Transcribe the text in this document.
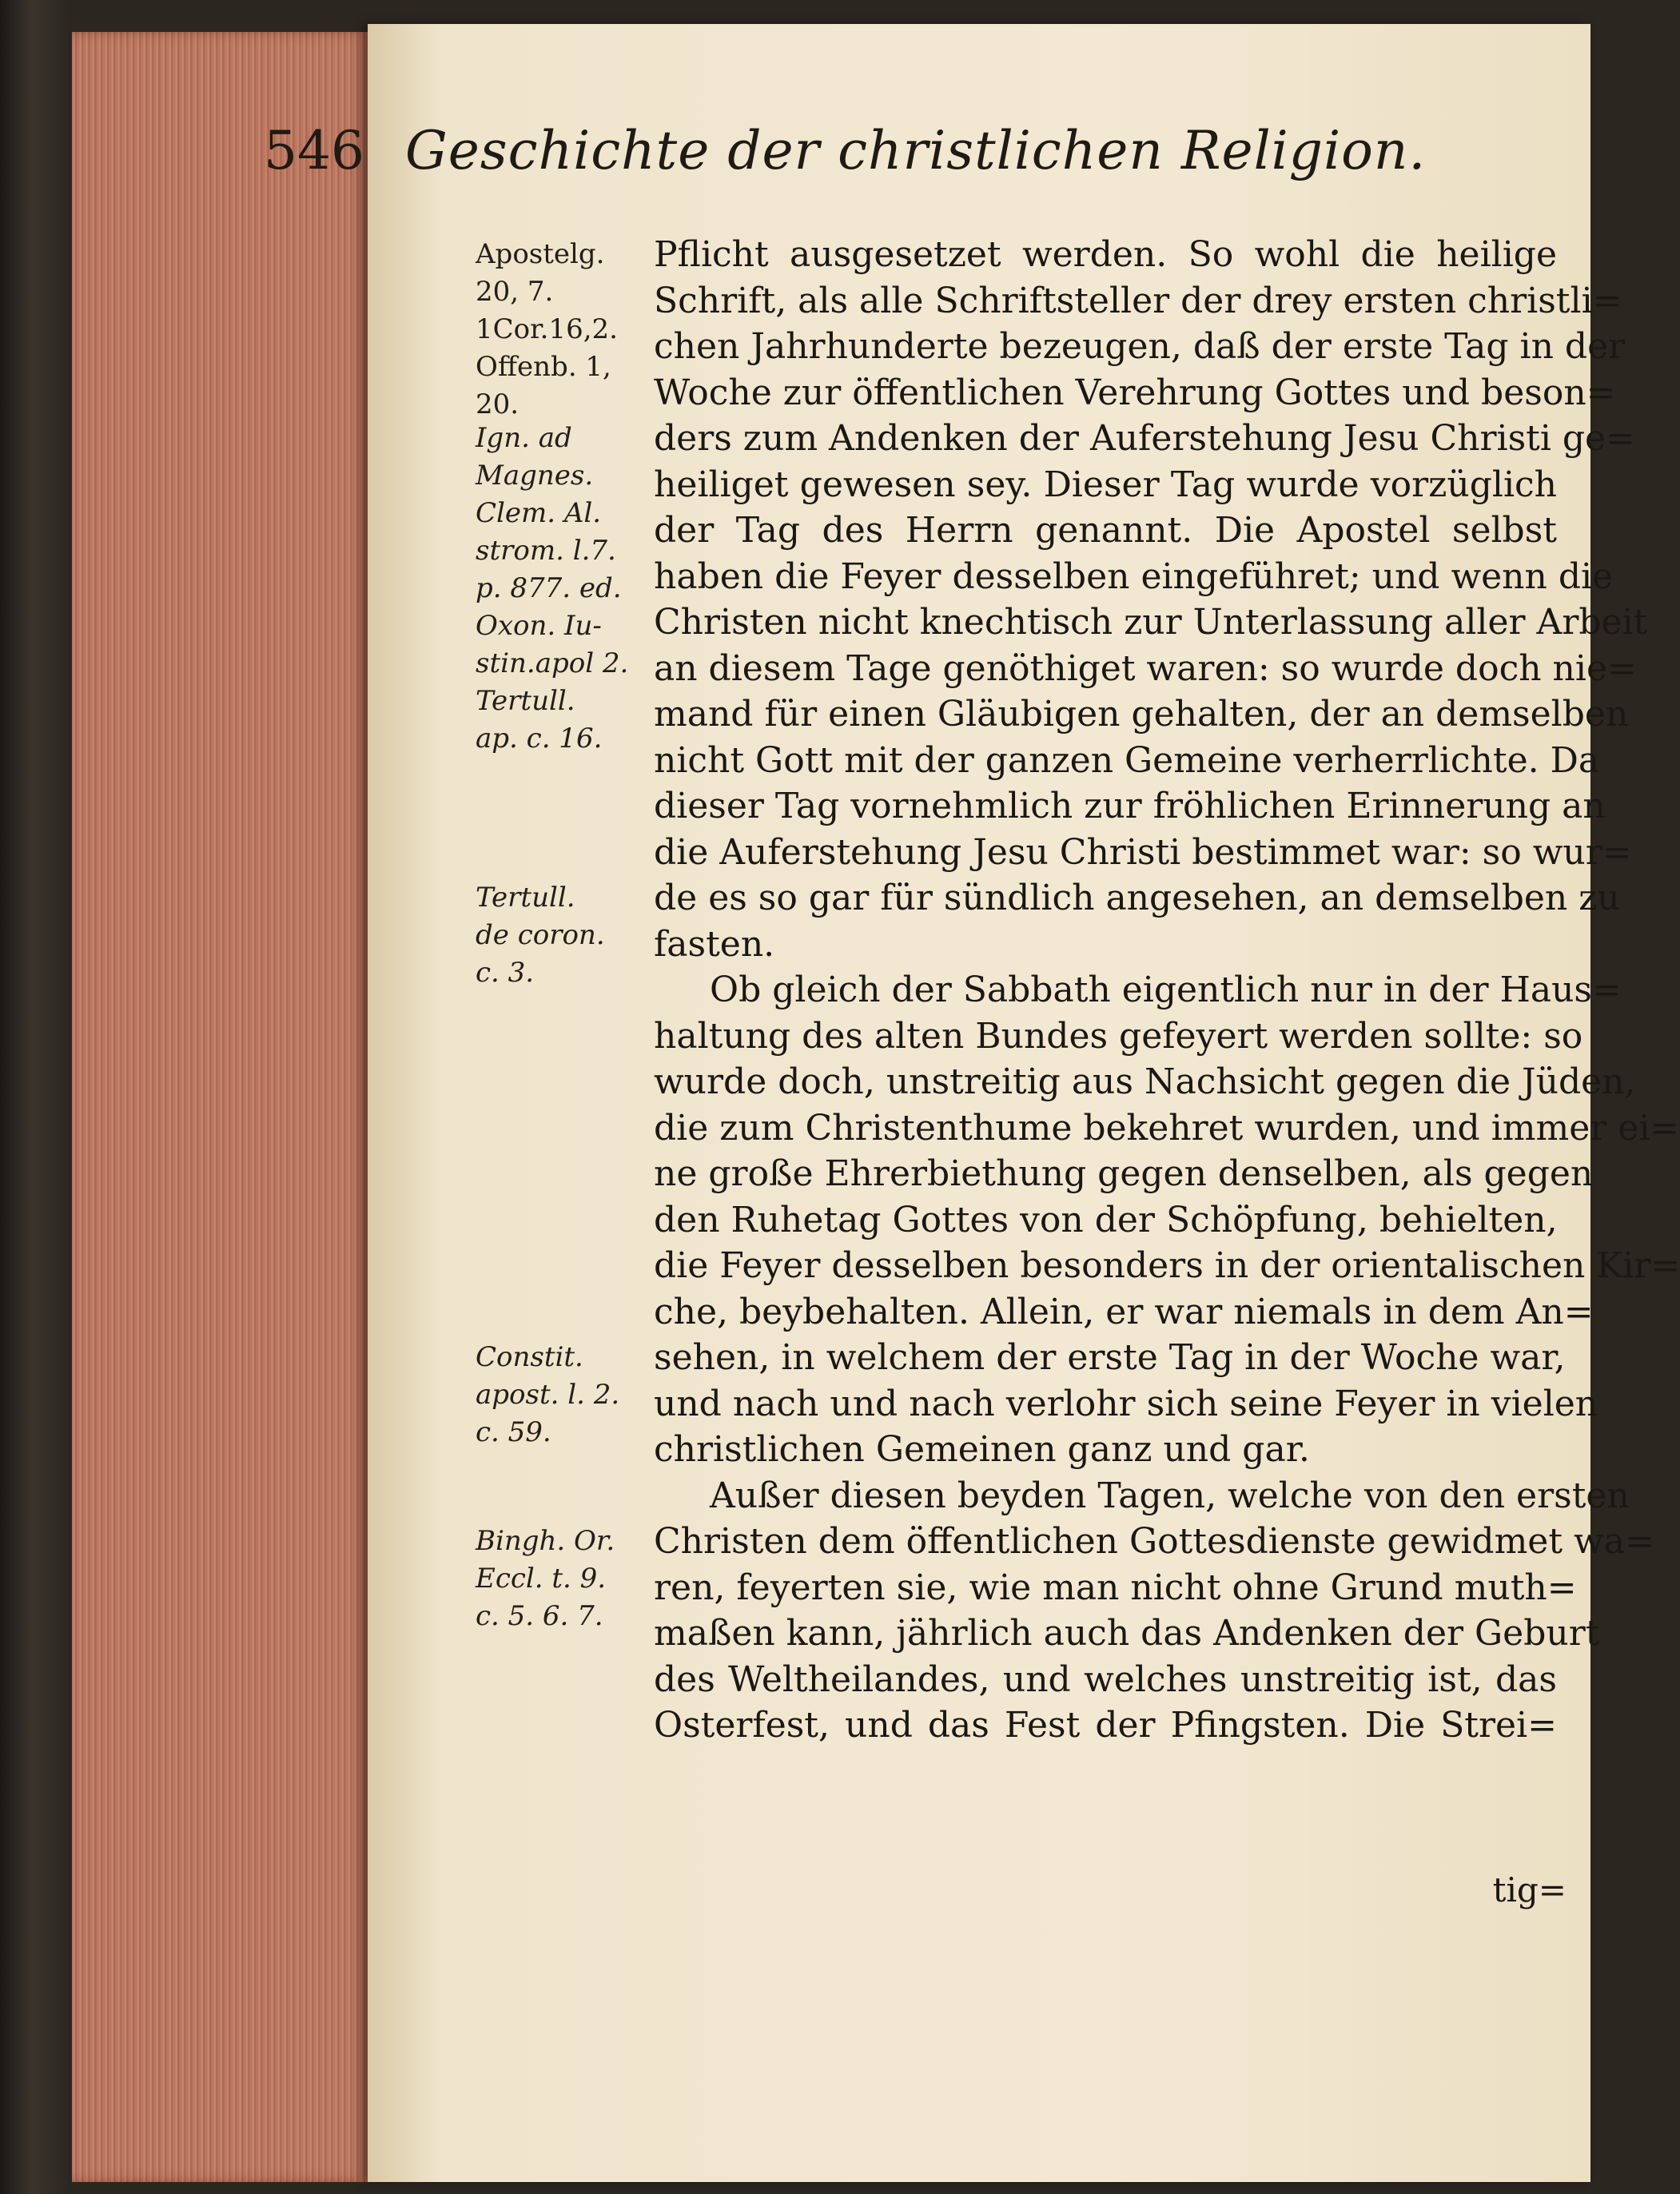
546 Geschichte der christlichen Religion.
Apostelg.
20, 7.
1Cor.16,2.
Offenb. 1,
20.
Ign. ad
Magnes.
Clem. Al.
strom. l.7.
p. 877. ed.
Oxon. Iu-
stin.apol 2.
Tertull.
ap. c. 16.
Tertull.
de coron.
c. 3.
Constit.
apost. l. 2.
c. 59.
Bingh. Or.
Eccl. t. 9.
c. 5. 6. 7.
Pflicht ausgesetzet werden. So wohl die heilige
Schrift, als alle Schriftsteller der drey ersten christli=
chen Jahrhunderte bezeugen, daß der erste Tag in der
Woche zur öffentlichen Verehrung Gottes und beson=
ders zum Andenken der Auferstehung Jesu Christi ge=
heiliget gewesen sey. Dieser Tag wurde vorzüglich
der Tag des Herrn genannt. Die Apostel selbst
haben die Feyer desselben eingeführet; und wenn die
Christen nicht knechtisch zur Unterlassung aller Arbeit
an diesem Tage genöthiget waren: so wurde doch nie=
mand für einen Gläubigen gehalten, der an demselben
nicht Gott mit der ganzen Gemeine verherrlichte. Da
dieser Tag vornehmlich zur fröhlichen Erinnerung an
die Auferstehung Jesu Christi bestimmet war: so wur=
de es so gar für sündlich angesehen, an demselben zu
fasten.
Ob gleich der Sabbath eigentlich nur in der Haus=
haltung des alten Bundes gefeyert werden sollte: so
wurde doch, unstreitig aus Nachsicht gegen die Jüden,
die zum Christenthume bekehret wurden, und immer ei=
ne große Ehrerbiethung gegen denselben, als gegen
den Ruhetag Gottes von der Schöpfung, behielten,
die Feyer desselben besonders in der orientalischen Kir=
che, beybehalten. Allein, er war niemals in dem An=
sehen, in welchem der erste Tag in der Woche war,
und nach und nach verlohr sich seine Feyer in vielen
christlichen Gemeinen ganz und gar.
Außer diesen beyden Tagen, welche von den ersten
Christen dem öffentlichen Gottesdienste gewidmet wa=
ren, feyerten sie, wie man nicht ohne Grund muth=
maßen kann, jährlich auch das Andenken der Geburt
des Weltheilandes, und welches unstreitig ist, das
Osterfest, und das Fest der Pfingsten. Die Strei=
tig=
